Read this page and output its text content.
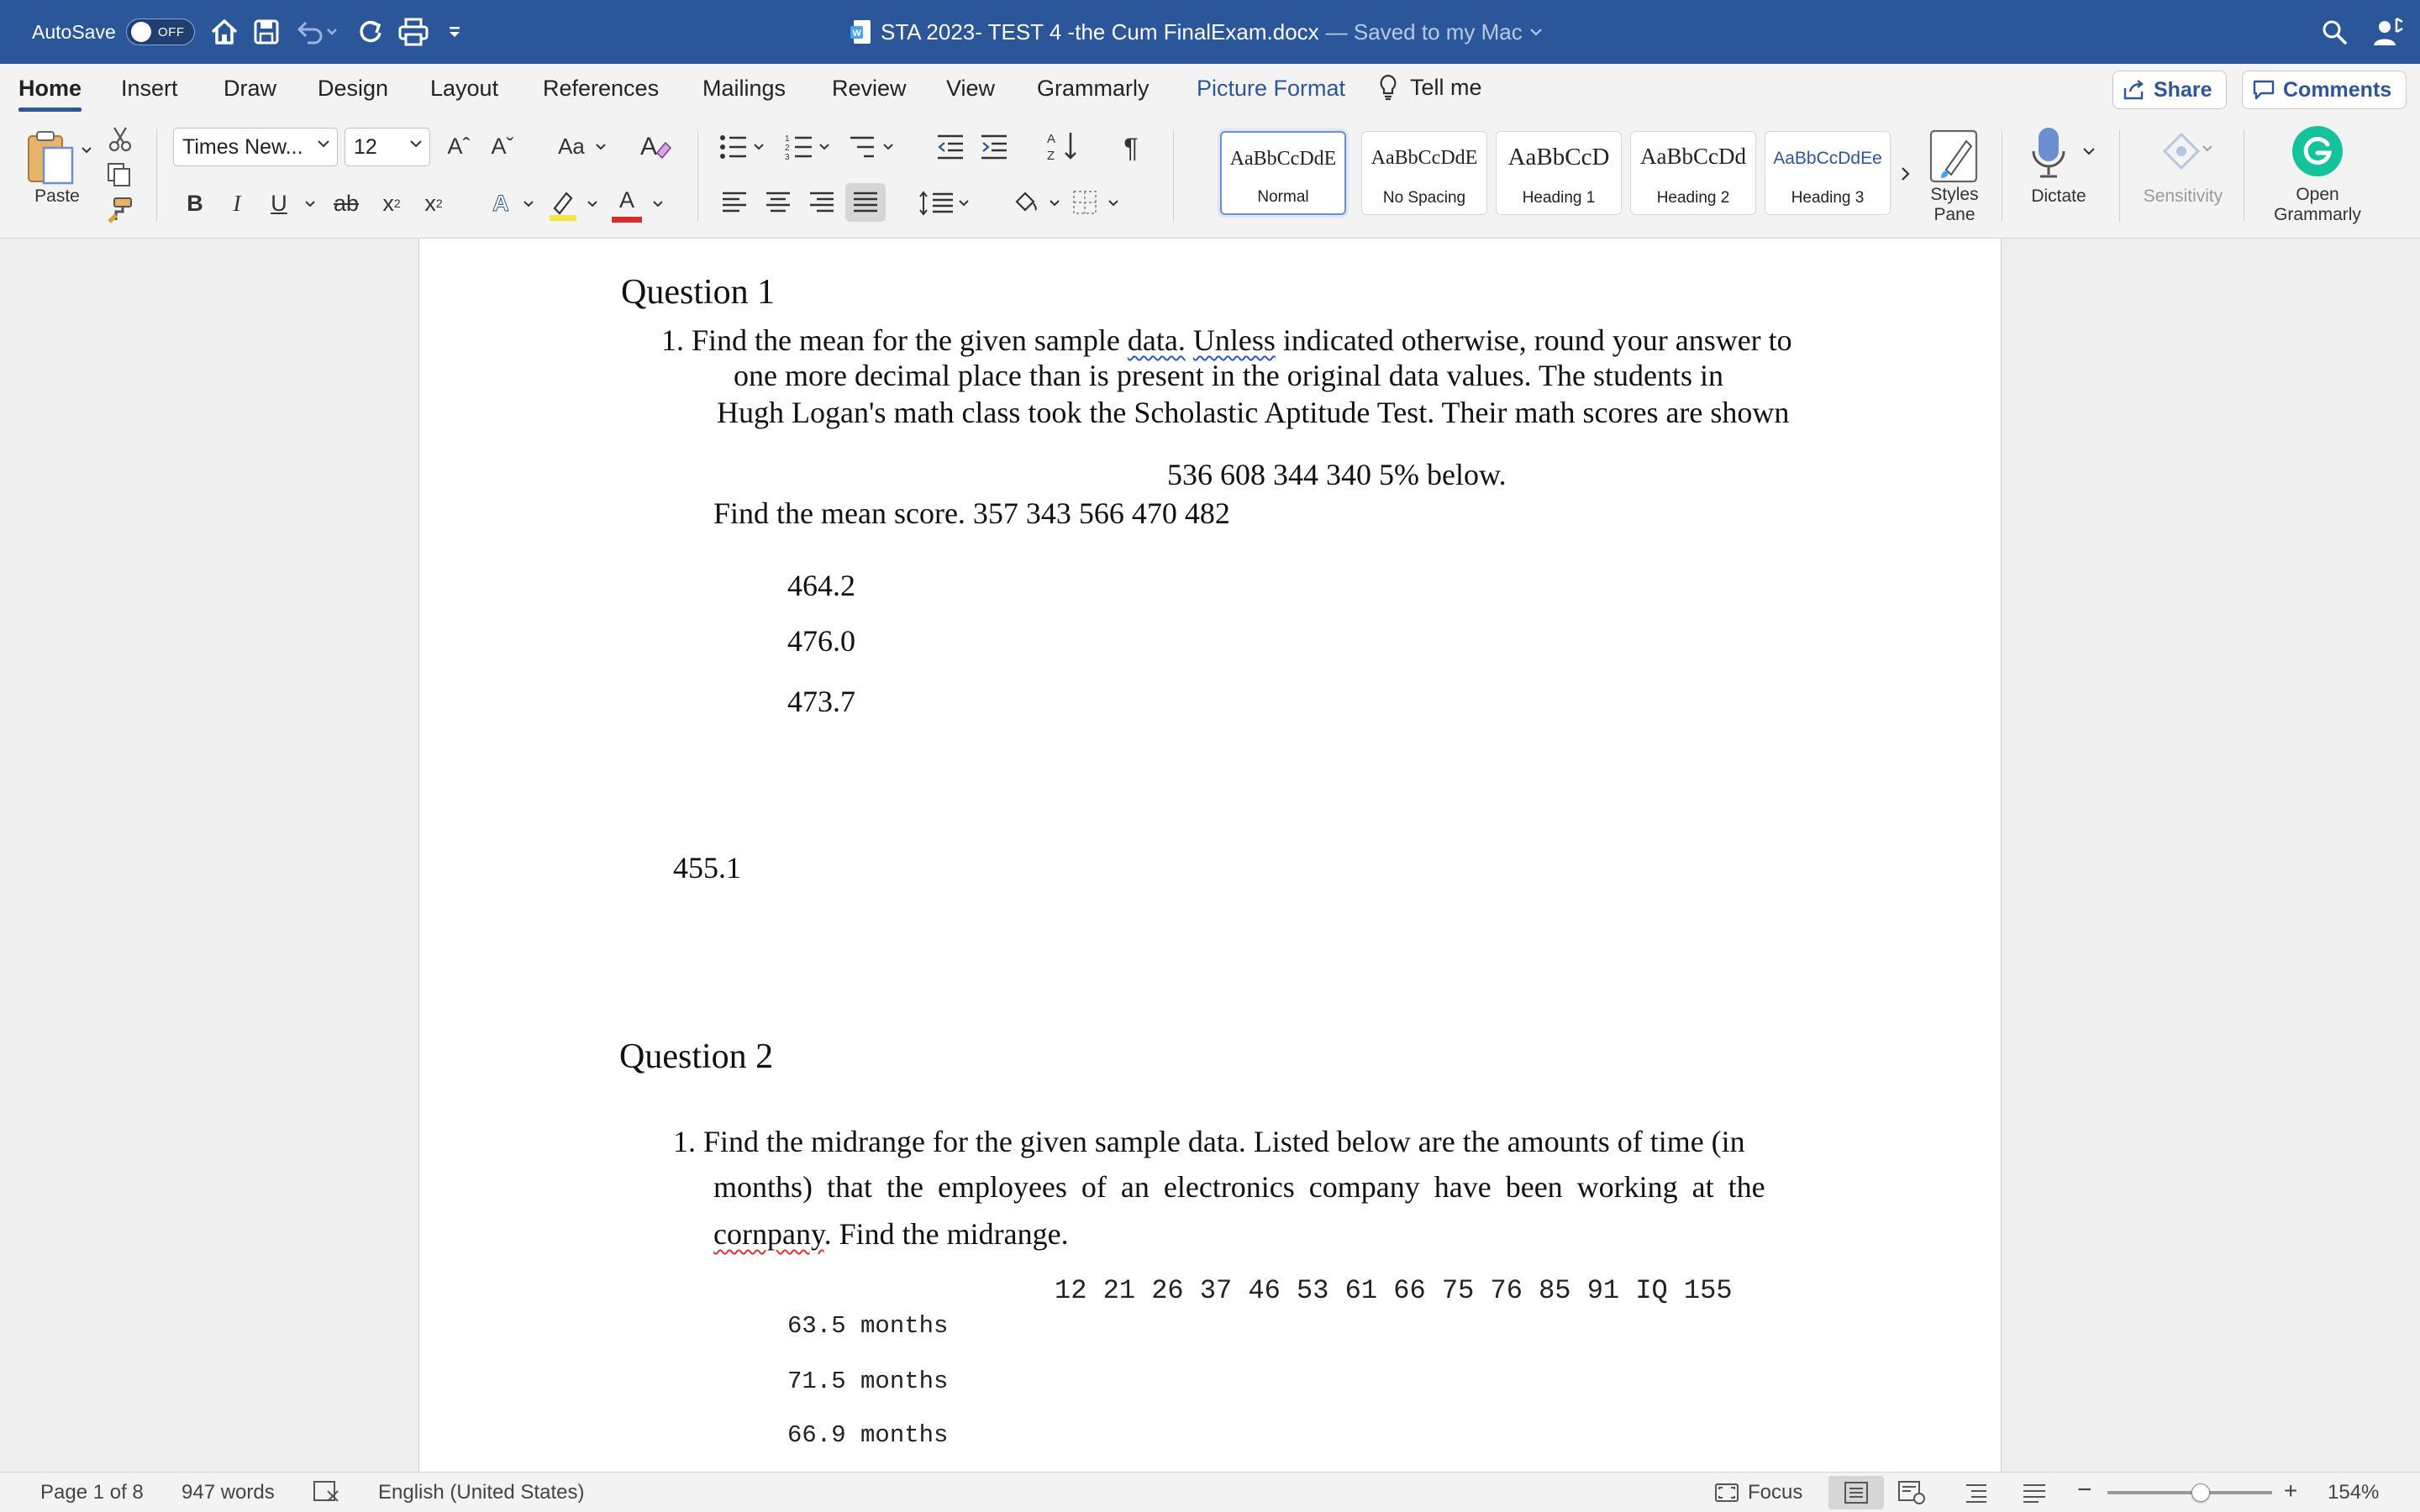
AutoSave	OFF	W STA 2023- TEST 4 -the Cum FinalExam.docx — Saved to my Mac
Home Insert Draw Design Layout References Mailings Review View Grammarly Picture Format	Tell me	Share	Comments
Paste
Times New... 12	Aˆ Aˇ	Aa A
B	I	U	ab x 2 x 2	A	A
1
2
3
A
Z	¶	AaBbCcDdE
Normal
AaBbCcDdE
No Spacing
AaBbCcD
Heading 1
AaBbCcDd
Heading 2
AaBbCcDdEe
Heading 3	Styles
Pane
Dictate	Sensitivity	Open
Grammarly
Question 1
1. Find the mean for the given sample data. Unless indicated otherwise, round your answer to
one more decimal place than is present in the original data values. The students in
Hugh Logan's math class took the Scholastic Aptitude Test. Their math scores are shown
536 608 344 340 5% below.
Find the mean score. 357 343 566 470 482
464.2
476.0
473.7
455.1
Question 2
1. Find the midrange for the given sample data. Listed below are the amounts of time (in
months) that the employees of an electronics company have been working at the
cornpany. Find the midrange.
12 21 26 37 46 53 61 66 75 76 85 91 IQ 155
63.5 months
71.5 months
66.9 months
Page 1 of 8 947 words	English (United States)	Focus	−	+ 154%
